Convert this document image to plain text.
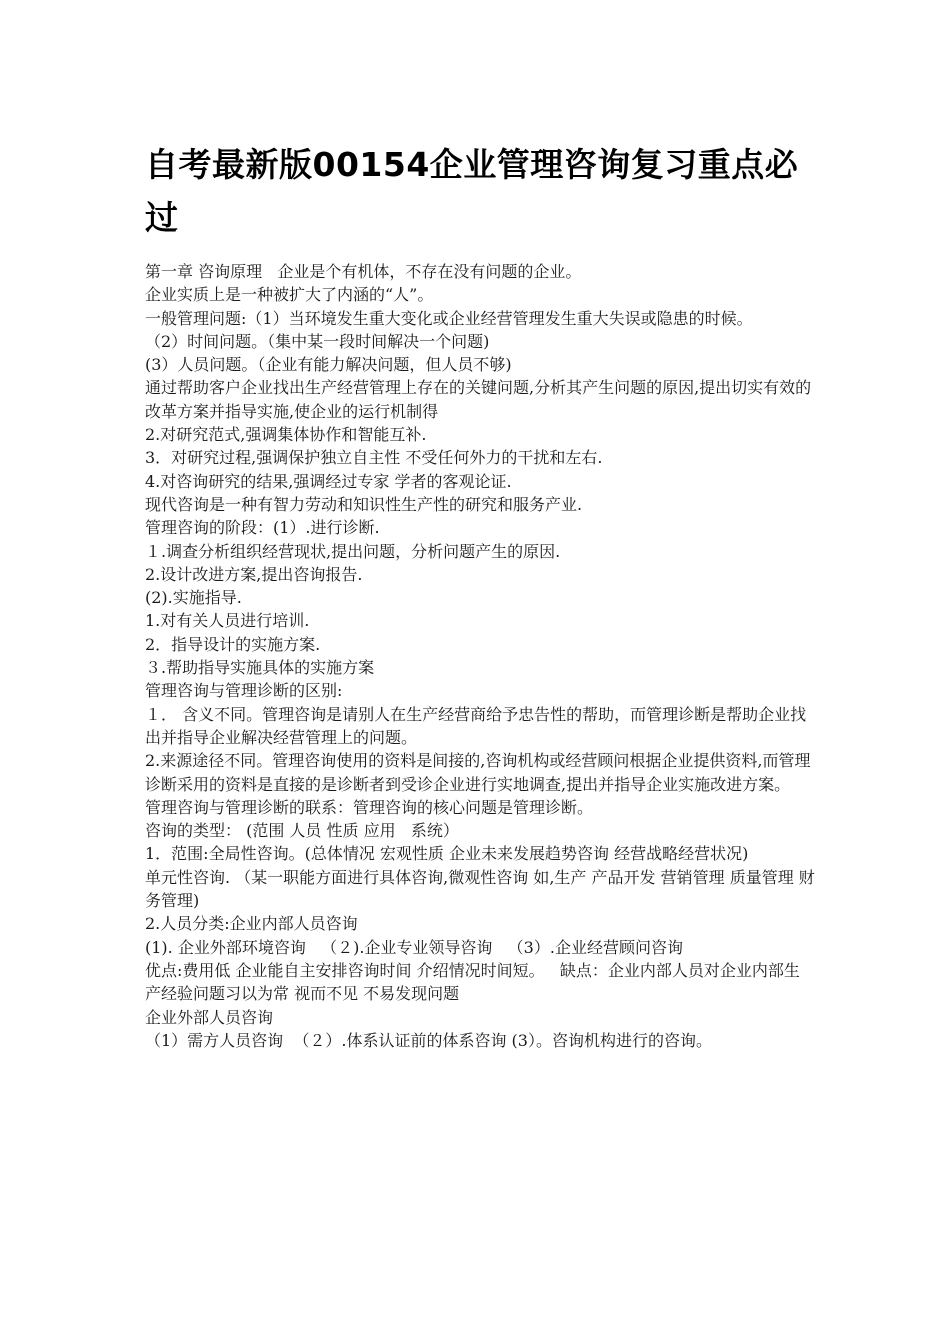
自考最新版00154企业管理咨询复习重点必过
第一章 咨询原理   企业是个有机体，不存在没有问题的企业。
企业实质上是一种被扩大了内涵的“人”。
一般管理问题:（1）当环境发生重大变化或企业经营管理发生重大失误或隐患的时候。
（2）时间问题。（集中某一段时间解决一个问题)
(3）人员问题。（企业有能力解决问题，但人员不够)
通过帮助客户企业找出生产经营管理上存在的关键问题,分析其产生问题的原因,提出切实有效的改革方案并指导实施,使企业的运行机制得
2.对研究范式,强调集体协作和智能互补.
3．对研究过程,强调保护独立自主性 不受任何外力的干扰和左右.
4.对咨询研究的结果,强调经过专家 学者的客观论证.
现代咨询是一种有智力劳动和知识性生产性的研究和服务产业.
管理咨询的阶段：(1）.进行诊断.
１.调查分析组织经营现状,提出问题，分析问题产生的原因.
2.设计改进方案,提出咨询报告.
(2).实施指导.
1.对有关人员进行培训.
2．指导设计的实施方案.
３.帮助指导实施具体的实施方案
管理咨询与管理诊断的区别:
１． 含义不同。管理咨询是请别人在生产经营商给予忠告性的帮助，而管理诊断是帮助企业找出并指导企业解决经营管理上的问题。
2.来源途径不同。管理咨询使用的资料是间接的,咨询机构或经营顾问根据企业提供资料,而管理诊断采用的资料是直接的是诊断者到受诊企业进行实地调查,提出并指导企业实施改进方案。
管理咨询与管理诊断的联系：管理咨询的核心问题是管理诊断。
咨询的类型： (范围 人员 性质 应用   系统）
1．范围:全局性咨询。(总体情况 宏观性质 企业未来发展趋势咨询 经营战略经营状况)
单元性咨询. （某一职能方面进行具体咨询,微观性咨询 如,生产 产品开发 营销管理 质量管理 财务管理)
2.人员分类:企业内部人员咨询
(1). 企业外部环境咨询   （２).企业专业领导咨询   （3）.企业经营顾问咨询
优点:费用低 企业能自主安排咨询时间 介绍情况时间短。   缺点：企业内部人员对企业内部生产经验问题习以为常 视而不见 不易发现问题
企业外部人员咨询
（1）需方人员咨询  （２）.体系认证前的体系咨询 (3）。咨询机构进行的咨询。
